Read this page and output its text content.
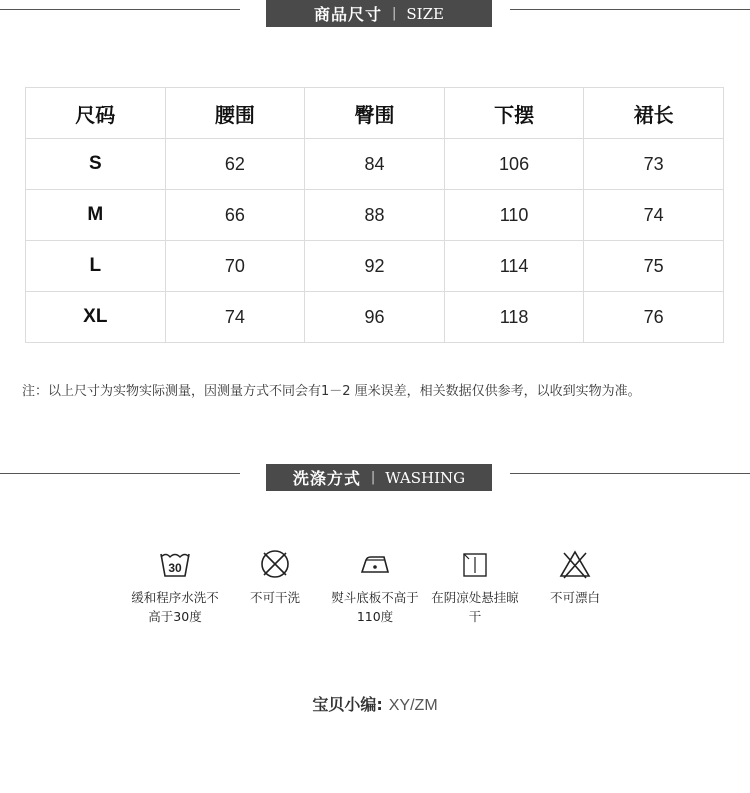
商品尺寸 | SIZE
尺码	腰围	臀围	下摆	裙长
S	62	84	106	73
M	66	88	110	74
L	70	92	114	75
XL	74	96	118	76
注：以上尺寸为实物实际测量，因测量方式不同会有1－2 厘米误差，相关数据仅供参考，以收到实物为准。
洗涤方式 | WASHING
30
缓和程序水洗不
高于30度
不可干洗	熨斗底板不高于
110度
在阴凉处悬挂晾
干
不可漂白
宝贝小编: XY/ZM
